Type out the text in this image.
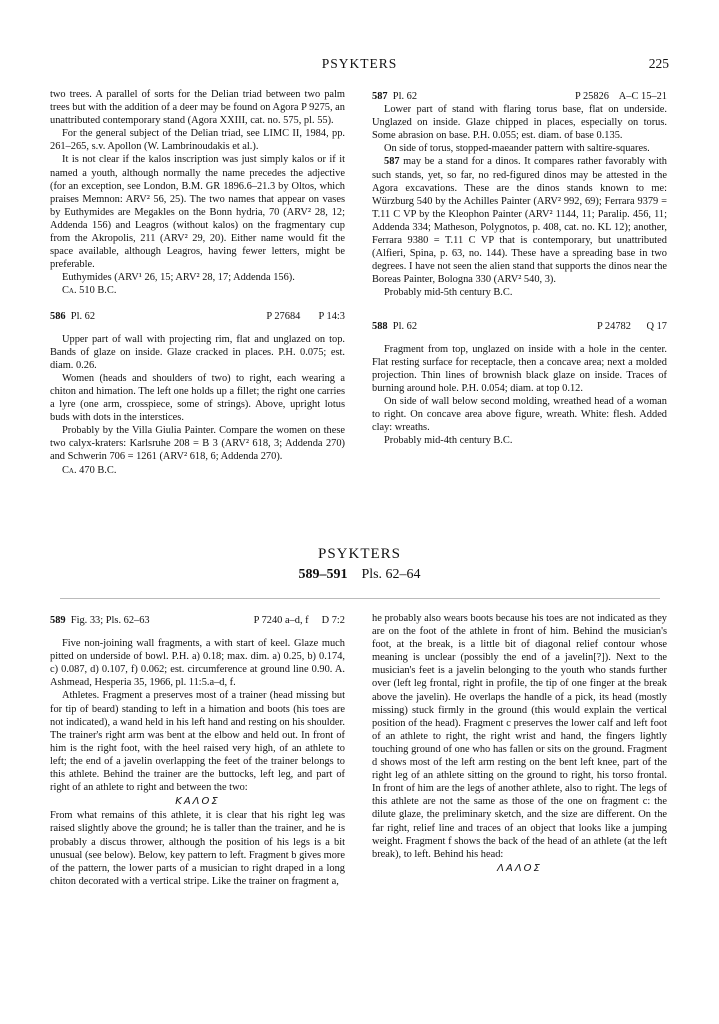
PSYKTERS	225

two trees. A parallel of sorts for the Delian triad between two palm trees but with the addition of a deer may be found on Agora P 9275, an unattributed contemporary stand (Agora XXIII, cat. no. 575, pl. 55).

For the general subject of the Delian triad, see LIMC II, 1984, pp. 261–265, s.v. Apollon (W. Lambrinoudakis et al.).

It is not clear if the kalos inscription was just simply kalos or if it named a youth, although normally the name precedes the adjective (for an exception, see London, B.M. GR 1896.6–21.3 by Oltos, which praises Memnon: ARV² 56, 25). The two names that appear on vases by Euthymides are Megakles on the Bonn hydria, 70 (ARV² 28, 12; Addenda 156) and Leagros (without kalos) on the fragmentary cup from the Akropolis, 211 (ARV² 29, 20). Either name would fit the space available, although Leagros, having fewer letters, might be preferable.

Euthymides (ARV¹ 26, 15; ARV² 28, 17; Addenda 156).

Ca. 510 B.C.

586 Pl. 62	P 27684 P 14:3

Upper part of wall with projecting rim, flat and unglazed on top. Bands of glaze on inside. Glaze cracked in places. P.H. 0.075; est. diam. 0.26.

Women (heads and shoulders of two) to right, each wearing a chiton and himation. The left one holds up a fillet; the right one carries a lyre (one arm, crosspiece, some of strings). Above, upright lotus buds with dots in the interstices.

Probably by the Villa Giulia Painter. Compare the women on these two calyx-kraters: Karlsruhe 208 = B 3 (ARV² 618, 3; Addenda 270) and Schwerin 706 = 1261 (ARV² 618, 6; Addenda 270).

Ca. 470 B.C.

587 Pl. 62	P 25826 A–C 15–21

Lower part of stand with flaring torus base, flat on underside. Unglazed on inside. Glaze chipped in places, especially on torus. Some abrasion on base. P.H. 0.055; est. diam. of base 0.135.

On side of torus, stopped-maeander pattern with saltire-squares.

587 may be a stand for a dinos. It compares rather favorably with such stands, yet, so far, no red-figured dinos may be attested in the Agora excavations. These are the dinos stands known to me: Würzburg 540 by the Achilles Painter (ARV² 992, 69); Ferrara 9379 = T.11 C VP by the Kleophon Painter (ARV² 1144, 11; Paralip. 456, 11; Addenda 334; Matheson, Polygnotos, p. 408, cat. no. KL 12); another, Ferrara 9380 = T.11 C VP that is contemporary, but unattributed (Alfieri, Spina, p. 63, no. 144). These have a spreading base in two degrees. I have not seen the alien stand that supports the dinos near the Boreas Painter, Bologna 330 (ARV² 540, 3).

Probably mid-5th century B.C.

588 Pl. 62	P 24782 Q 17

Fragment from top, unglazed on inside with a hole in the center. Flat resting surface for receptacle, then a concave area; next a molded projection. Thin lines of brownish black glaze on inside. Traces of burning around hole. P.H. 0.054; diam. at top 0.12.

On side of wall below second molding, wreathed head of a woman to right. On concave area above figure, wreath. White: flesh. Added clay: wreaths.

Probably mid-4th century B.C.

PSYKTERS
589–591 Pls. 62–64
589 Fig. 33; Pls. 62–63	P 7240 a–d, f D 7:2

Five non-joining wall fragments, a with start of keel. Glaze much pitted on underside of bowl. P.H. a) 0.18; max. dim. a) 0.25, b) 0.174, c) 0.087, d) 0.107, f) 0.062; est. circumference at ground line 0.90. A. Ashmead, Hesperia 35, 1966, pl. 11:5.a–d, f.

Athletes. Fragment a preserves most of a trainer (head missing but for tip of beard) standing to left in a himation and boots (his toes are not indicated), a wand held in his left hand and resting on his shoulder. The trainer's right arm was bent at the elbow and held out. In front of him is the right foot, with the heel raised very high, of an athlete to left; the end of a javelin overlapping the feet of the trainer belongs to this athlete. Behind the trainer are the buttocks, left leg, and part of right of an athlete to right and between the two:

ΚΑΛΟΣ

From what remains of this athlete, it is clear that his right leg was raised slightly above the ground; he is taller than the trainer, and he is probably a discus thrower, although the position of his legs is a bit unusual (see below). Below, key pattern to left. Fragment b gives more of the pattern, the lower parts of a musician to right draped in a long chiton decorated with a vertical stripe. Like the trainer on fragment a,

he probably also wears boots because his toes are not indicated as they are on the foot of the athlete in front of him. Behind the musician's foot, at the break, is a little bit of diagonal relief contour whose meaning is unclear (possibly the end of a javelin[?]). Next to the musician's feet is a javelin belonging to the youth who stands further over (left leg frontal, right in profile, the tip of one finger at the break above the javelin). He overlaps the handle of a pick, its head (mostly missing) stuck firmly in the ground (this would explain the vertical position of the head). Fragment c preserves the lower calf and left foot of an athlete to right, the right wrist and hand, the fingers lightly touching ground of one who has fallen or sits on the ground. Fragment d shows most of the left arm resting on the bent left knee, part of the right leg of an athlete sitting on the ground to right, his torso frontal. In front of him are the legs of another athlete, also to right. The legs of this athlete are not the same as those of the one on fragment c: the dilute glaze, the preliminary sketch, and the size are different. On the far right, relief line and traces of an object that looks like a jumping weight. Fragment f shows the back of the head of an athlete (at the left break), to left. Behind his head:

ΛΑΛΟΣ
